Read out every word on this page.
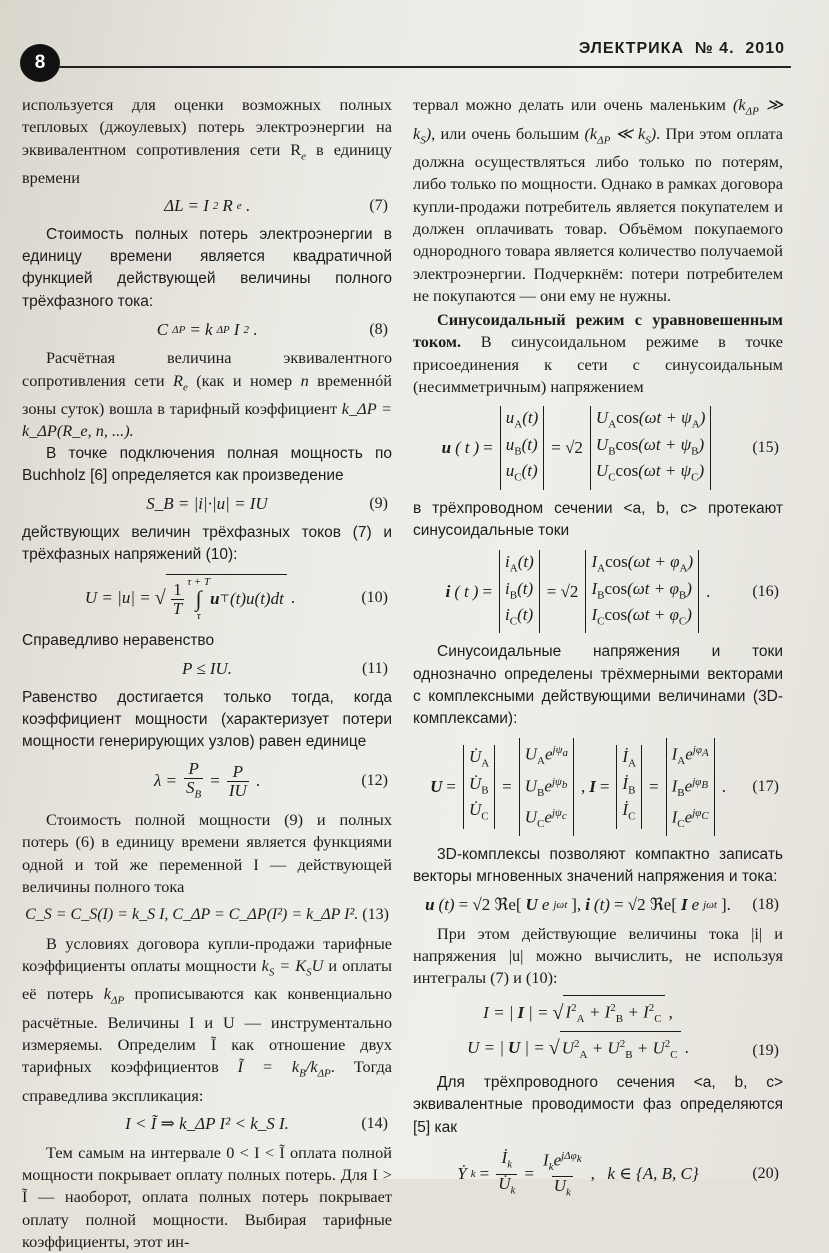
8
ЭЛЕКТРИКА № 4. 2010

используется для оценки возможных полных тепловых (джоулевых) потерь электроэнергии на эквивалентном сопротивления сети $R_e$ в единицу времени

ΔL = I 2 R e .	(7)

Стоимость полных потерь электроэнергии в единицу времени является квадратичной функцией действующей величины полного трёхфазного тока:

C ΔP = k ΔP I 2 .	(8)

Расчётная величина эквивалентного сопротивления сети $R_e$ (как и номер n временнóй зоны суток) вошла в тарифный коэффициент k_ΔP = k_ΔP(R_e, n, ...).

В точке подключения полная мощность по Buchholz [6] определяется как произведение

S_B = |i|·|u| = IU	(9)

действующих величин трёхфазных токов (7) и трёхфазных напряжений (10):

U = |u| = √ $\frac{1}{T}$ τ + T
∫
τ
u ⊤ (t)u(t)dt .	(10)

Справедливо неравенство

P ≤ IU.	(11)

Равенство достигается только тогда, когда коэффициент мощности (характеризует потери мощности генерирующих узлов) равен единице

$\lambda = \frac{P}{S_B} = \frac{P}{IU}$ .	(12)

Стоимость полной мощности (9) и полных потерь (6) в единицу времени является функциями одной и той же переменной I — действующей величины полного тока

C_S = C_S(I) = k_S I, C_ΔP = C_ΔP(I²) = k_ΔP I². (13)

В условиях договора купли-продажи тарифные коэффициенты оплаты мощности $k_S = K_SU$ и оплаты её потерь $k_{\Delta P}$ прописываются как конвенциально расчётные. Величины I и U — инструментально измеряемы. Определим Ĩ как отношение двух тарифных коэффициентов Ĩ = $k_B/k_{\Delta P}$. Тогда справедлива экспликация:

I < Ĩ ⇒ k_ΔP I² < k_S I.	(14)

Тем самым на интервале 0 < I < Ĩ оплата полной мощности покрывает оплату полных потерь. Для I > Ĩ — наоборот, оплата полных потерь покрывает оплату полной мощности. Выбирая тарифные коэффициенты, этот ин-

тервал можно делать или очень маленьким ($k_{\Delta P}$ ≫ $k_S$), или очень большим ($k_{\Delta P}$ ≪ $k_S$). При этом оплата должна осуществляться либо только по потерям, либо только по мощности. Однако в рамках договора купли-продажи потребитель является покупателем и должен оплачивать товар. Объёмом покупаемого однородного товара является количество получаемой электроэнергии. Подчеркнём: потери потребителем не покупаются — они ему не нужны.

Синусоидальный режим с уравновешенным током. В синусоидальном режиме в точке присоединения к сети с синусоидальным (несимметричным) напряжением

u ( t ) =
$u_A(t)$
$u_B(t)$
$u_C(t)$
= √2
$U_A\cos(\omega t + \psi_A)$
$U_B\cos(\omega t + \psi_B)$
$U_C\cos(\omega t + \psi_C)$
(15)

в трёхпроводном сечении <a, b, c> протекают синусоидальные токи

i ( t ) =
$i_A(t)$
$i_B(t)$
$i_C(t)$
= √2
$I_A\cos(\omega t + \varphi_A)$
$I_B\cos(\omega t + \varphi_B)$
$I_C\cos(\omega t + \varphi_C)$
.	(16)

Синусоидальные напряжения и токи однозначно определены трёхмерными векторами с комплексными действующими величинами (3D-комплексами):

U =
$U̇_A$
$U̇_B$
$U̇_C$
=
$U_Ae^{j\psi_a}$
$U_Be^{j\psi_b}$
$U_Ce^{j\psi_c}$
, I =
$İ_A$
$İ_B$
$İ_C$
=
$I_Ae^{j\varphi_A}$
$I_Be^{j\varphi_B}$
$I_Ce^{j\varphi_C}$
. (17)

3D-комплексы позволяют компактно записать векторы мгновенных значений напряжения и тока:

u (t) = √2 ℜe[ U e jωt ], i (t) = √2 ℜe[ I e jωt ]. (18)

При этом действующие величины тока |i| и напряжения |u| можно вычислить, не используя интегралы (7) и (10):

I = | I | = √ $I^2_A + I^2_B + I^2_C$ ,
U = | U | = √ $U^2_A + U^2_B + U^2_C$ .	(19)

Для трёхпроводного сечения <a, b, c> эквивалентные проводимости фаз определяются [5] как

Ẏ $k = \frac{İ_k}{U̇_k} = \frac{I_ke^{j\Delta\varphi_k}}{U_k}$ , k ∈ {A, B, C}	(20)
